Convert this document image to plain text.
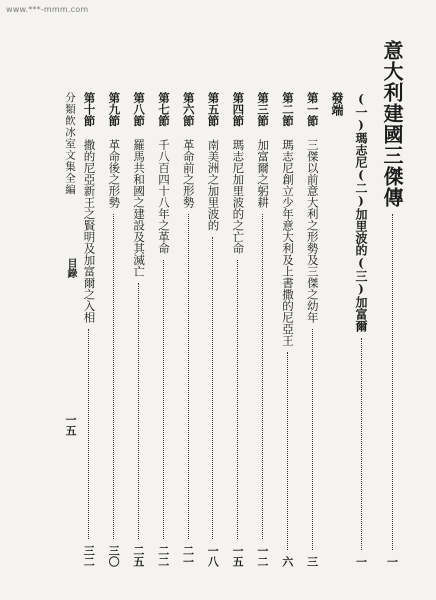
www.***-mmm.com
意大利建國三傑傳
一
(一)瑪志尼(二)加里波的(三)加富爾
一
發端
第一節
三傑以前意大利之形勢及三傑之幼年
三
第二節
瑪志尼創立少年意大利及上書撒的尼亞王
六
第三節
加富爾之躬耕
一二
第四節
瑪志尼加里波的之亡命
一五
第五節
南美洲之加里波的
一八
第六節
革命前之形勢
二一
第七節
千八百四十八年之革命
二二
第八節
羅馬共和國之建設及其滅亡
二五
第九節
革命後之形勢
三〇
第十節
撒的尼亞新王之賢明及加富爾之入相
三二
分類飲冰室文集全編
目錄
一五
